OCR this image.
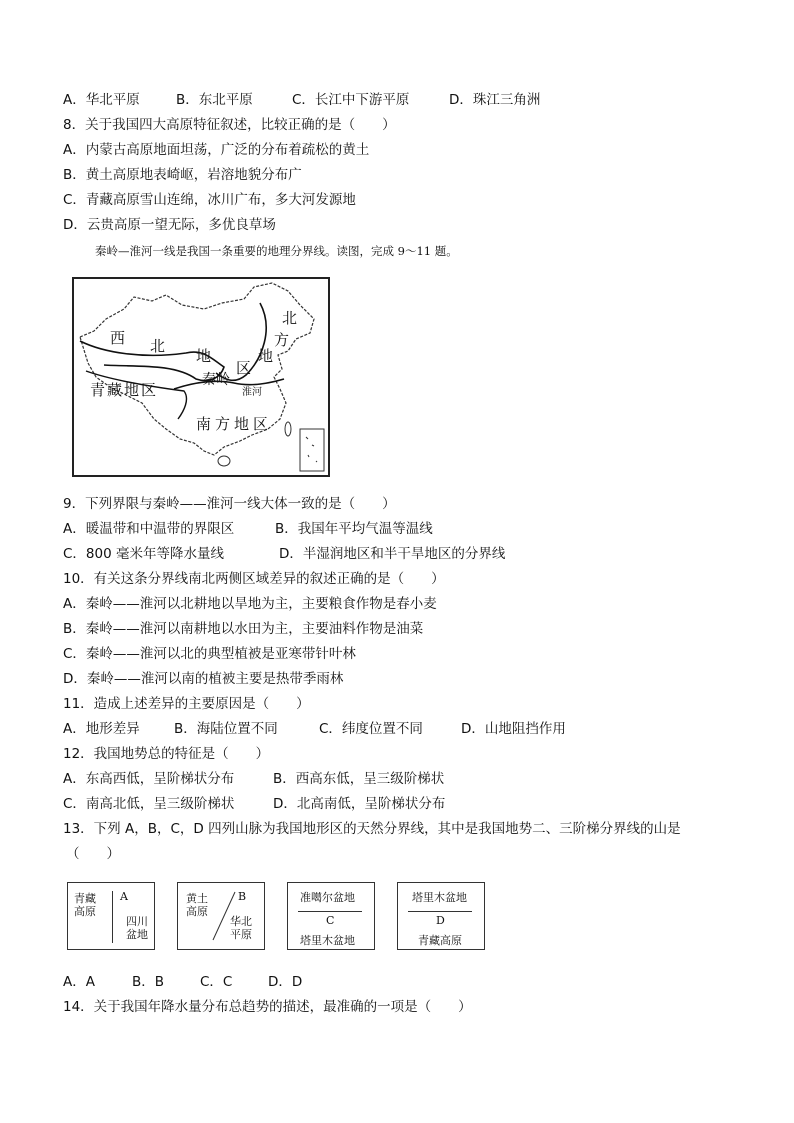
A．华北平原	B．东北平原	C．长江中下游平原	D．珠江三角洲
8．关于我国四大高原特征叙述，比较正确的是（　　）
A．内蒙古高原地面坦荡，广泛的分布着疏松的黄土
B．黄土高原地表崎岖，岩溶地貌分布广
C．青藏高原雪山连绵，冰川广布，多大河发源地
D．云贵高原一望无际，多优良草场
秦岭—淮河一线是我国一条重要的地理分界线。读图，完成 9～11 题。
西 北
地
区
青藏地区
秦岭
淮河
北
方
地
南方地区
9．下列界限与秦岭——淮河一线大体一致的是（　　）
A．暖温带和中温带的界限区	B．我国年平均气温等温线
C．800 毫米年等降水量线	D．半湿润地区和半干旱地区的分界线
10．有关这条分界线南北两侧区域差异的叙述正确的是（　　）
A．秦岭——淮河以北耕地以旱地为主，主要粮食作物是春小麦
B．秦岭——淮河以南耕地以水田为主，主要油料作物是油菜
C．秦岭——淮河以北的典型植被是亚寒带针叶林
D．秦岭——淮河以南的植被主要是热带季雨林
11．造成上述差异的主要原因是（　　）
A．地形差异	B．海陆位置不同	C．纬度位置不同	D．山地阻挡作用
12．我国地势总的特征是（　　）
A．东高西低，呈阶梯状分布	B．西高东低，呈三级阶梯状
C．南高北低，呈三级阶梯状	D．北高南低，呈阶梯状分布
13．下列 A，B，C，D 四列山脉为我国地形区的天然分界线，其中是我国地势二、三阶梯分界线的山是
（　　）
青藏
高原
A
四川
盆地
黄土
高原
B
华北
平原
准噶尔盆地
C
塔里木盆地
塔里木盆地
D
青藏高原
A．A	B．B	C．C	D．D
14．关于我国年降水量分布总趋势的描述，最准确的一项是（　　）
